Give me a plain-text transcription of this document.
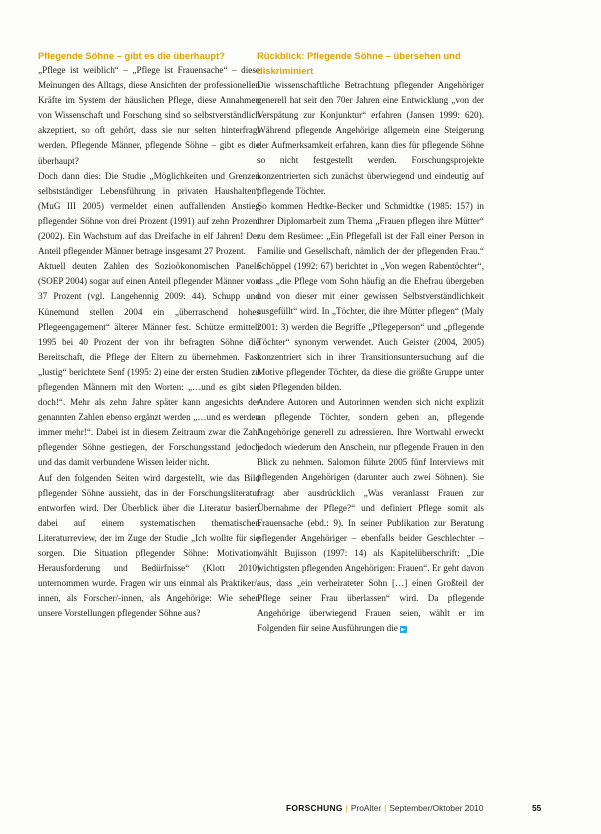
Pflegende Söhne – gibt es die überhaupt?

„Pflege ist weiblich“ – „Pflege ist Frauensache“ – diese Meinungen des Alltags, diese Ansichten der professionellen Kräfte im System der häuslichen Pflege, diese Annahmen von Wissenschaft und Forschung sind so selbstverständlich akzeptiert, so oft gehört, dass sie nur selten hinterfragt werden. Pflegende Männer, pflegende Söhne – gibt es die überhaupt?

Doch dann dies: Die Studie „Möglichkeiten und Grenzen selbstständiger Lebensführung in privaten Haushalten“ (MuG III 2005) vermeldet einen auffallenden Anstieg pflegender Söhne von drei Prozent (1991) auf zehn Prozent (2002). Ein Wachstum auf das Dreifache in elf Jahren! Der Anteil pflegender Männer betrage insgesamt 27 Prozent.

Aktuell deuten Zahlen des Sozioökonomischen Panels (SOEP 2004) sogar auf einen Anteil pflegender Männer von 37 Prozent (vgl. Langehennig 2009: 44). Schupp und Künemund stellen 2004 ein „überraschend hohes Pflegeengagement“ älterer Männer fest. Schütze ermittelt 1995 bei 40 Prozent der von ihr befragten Söhne die Bereitschaft, die Pflege der Eltern zu übernehmen. Fast „lustig“ berichtete Senf (1995: 2) eine der ersten Studien zu pflegenden Männern mit den Worten: „…und es gibt sie doch!“. Mehr als zehn Jahre später kann angesichts der genannten Zahlen ebenso ergänzt werden „…und es werden immer mehr!“. Dabei ist in diesem Zeitraum zwar die Zahl pflegender Söhne gestiegen, der Forschungsstand jedoch und das damit verbundene Wissen leider nicht.

Auf den folgenden Seiten wird dargestellt, wie das Bild pflegender Söhne aussieht, das in der Forschungsliteratur entworfen wird. Der Überblick über die Literatur basiert dabei auf einem systematischen thematischen Literaturreview, der im Zuge der Studie „Ich wollte für sie sorgen. Die Situation pflegender Söhne: Motivation, Herausforderung und Bedürfnisse“ (Klott 2010) unternommen wurde. Fragen wir uns einmal als Praktiker/-innen, als Forscher/-innen, als Angehörige: Wie sehen unsere Vorstellungen pflegender Söhne aus?

Rückblick: Pflegende Söhne – übersehen und diskriminiert

Die wissenschaftliche Betrachtung pflegender Angehöriger generell hat seit den 70er Jahren eine Entwicklung „von der Verspätung zur Konjunktur“ erfahren (Jansen 1999: 620). Während pflegende Angehörige allgemein eine Steigerung der Aufmerksamkeit erfahren, kann dies für pflegende Söhne so nicht festgestellt werden. Forschungsprojekte konzentrierten sich zunächst überwiegend und eindeutig auf pflegende Töchter.

So kommen Hedtke-Becker und Schmidtke (1985: 157) in ihrer Diplomarbeit zum Thema „Frauen pflegen ihre Mütter“ zu dem Resümee: „Ein Pflegefall ist der Fall einer Person in Familie und Gesellschaft, nämlich der der pflegenden Frau.“ Schöppel (1992: 67) berichtet in „Von wegen Rabentöchter“, dass „die Pflege vom Sohn häufig an die Ehefrau übergeben und von dieser mit einer gewissen Selbstverständlichkeit ausgefüllt“ wird. In „Töchter, die ihre Mütter pflegen“ (Maly 2001: 3) werden die Begriffe „Pflegeperson“ und „pflegende Töchter“ synonym verwendet. Auch Geister (2004, 2005) konzentriert sich in ihrer Transitionsuntersuchung auf die Motive pflegender Töchter, da diese die größte Gruppe unter den Pflegenden bilden.

Andere Autoren und Autorinnen wenden sich nicht explizit an pflegende Töchter, sondern geben an, pflegende Angehörige generell zu adressieren. Ihre Wortwahl erweckt jedoch wiederum den Anschein, nur pflegende Frauen in den Blick zu nehmen. Salomon führte 2005 fünf Interviews mit pflegenden Angehörigen (darunter auch zwei Söhnen). Sie fragt aber ausdrücklich „Was veranlasst Frauen zur Übernahme der Pflege?“ und definiert Pflege somit als Frauensache (ebd.: 9). In seiner Publikation zur Beratung pflegender Angehöriger – ebenfalls beider Geschlechter – wählt Bujisson (1997: 14) als Kapitelüberschrift: „Die wichtigsten pflegenden Angehörigen: Frauen“. Er geht davon aus, dass „ein verheirateter Sohn […] einen Großteil der Pflege seiner Frau überlassen“ wird. Da pflegende Angehörige überwiegend Frauen seien, wählt er im Folgenden für seine Ausführungen die ►

FORSCHUNG | ProAlter | September/Oktober 2010	55
